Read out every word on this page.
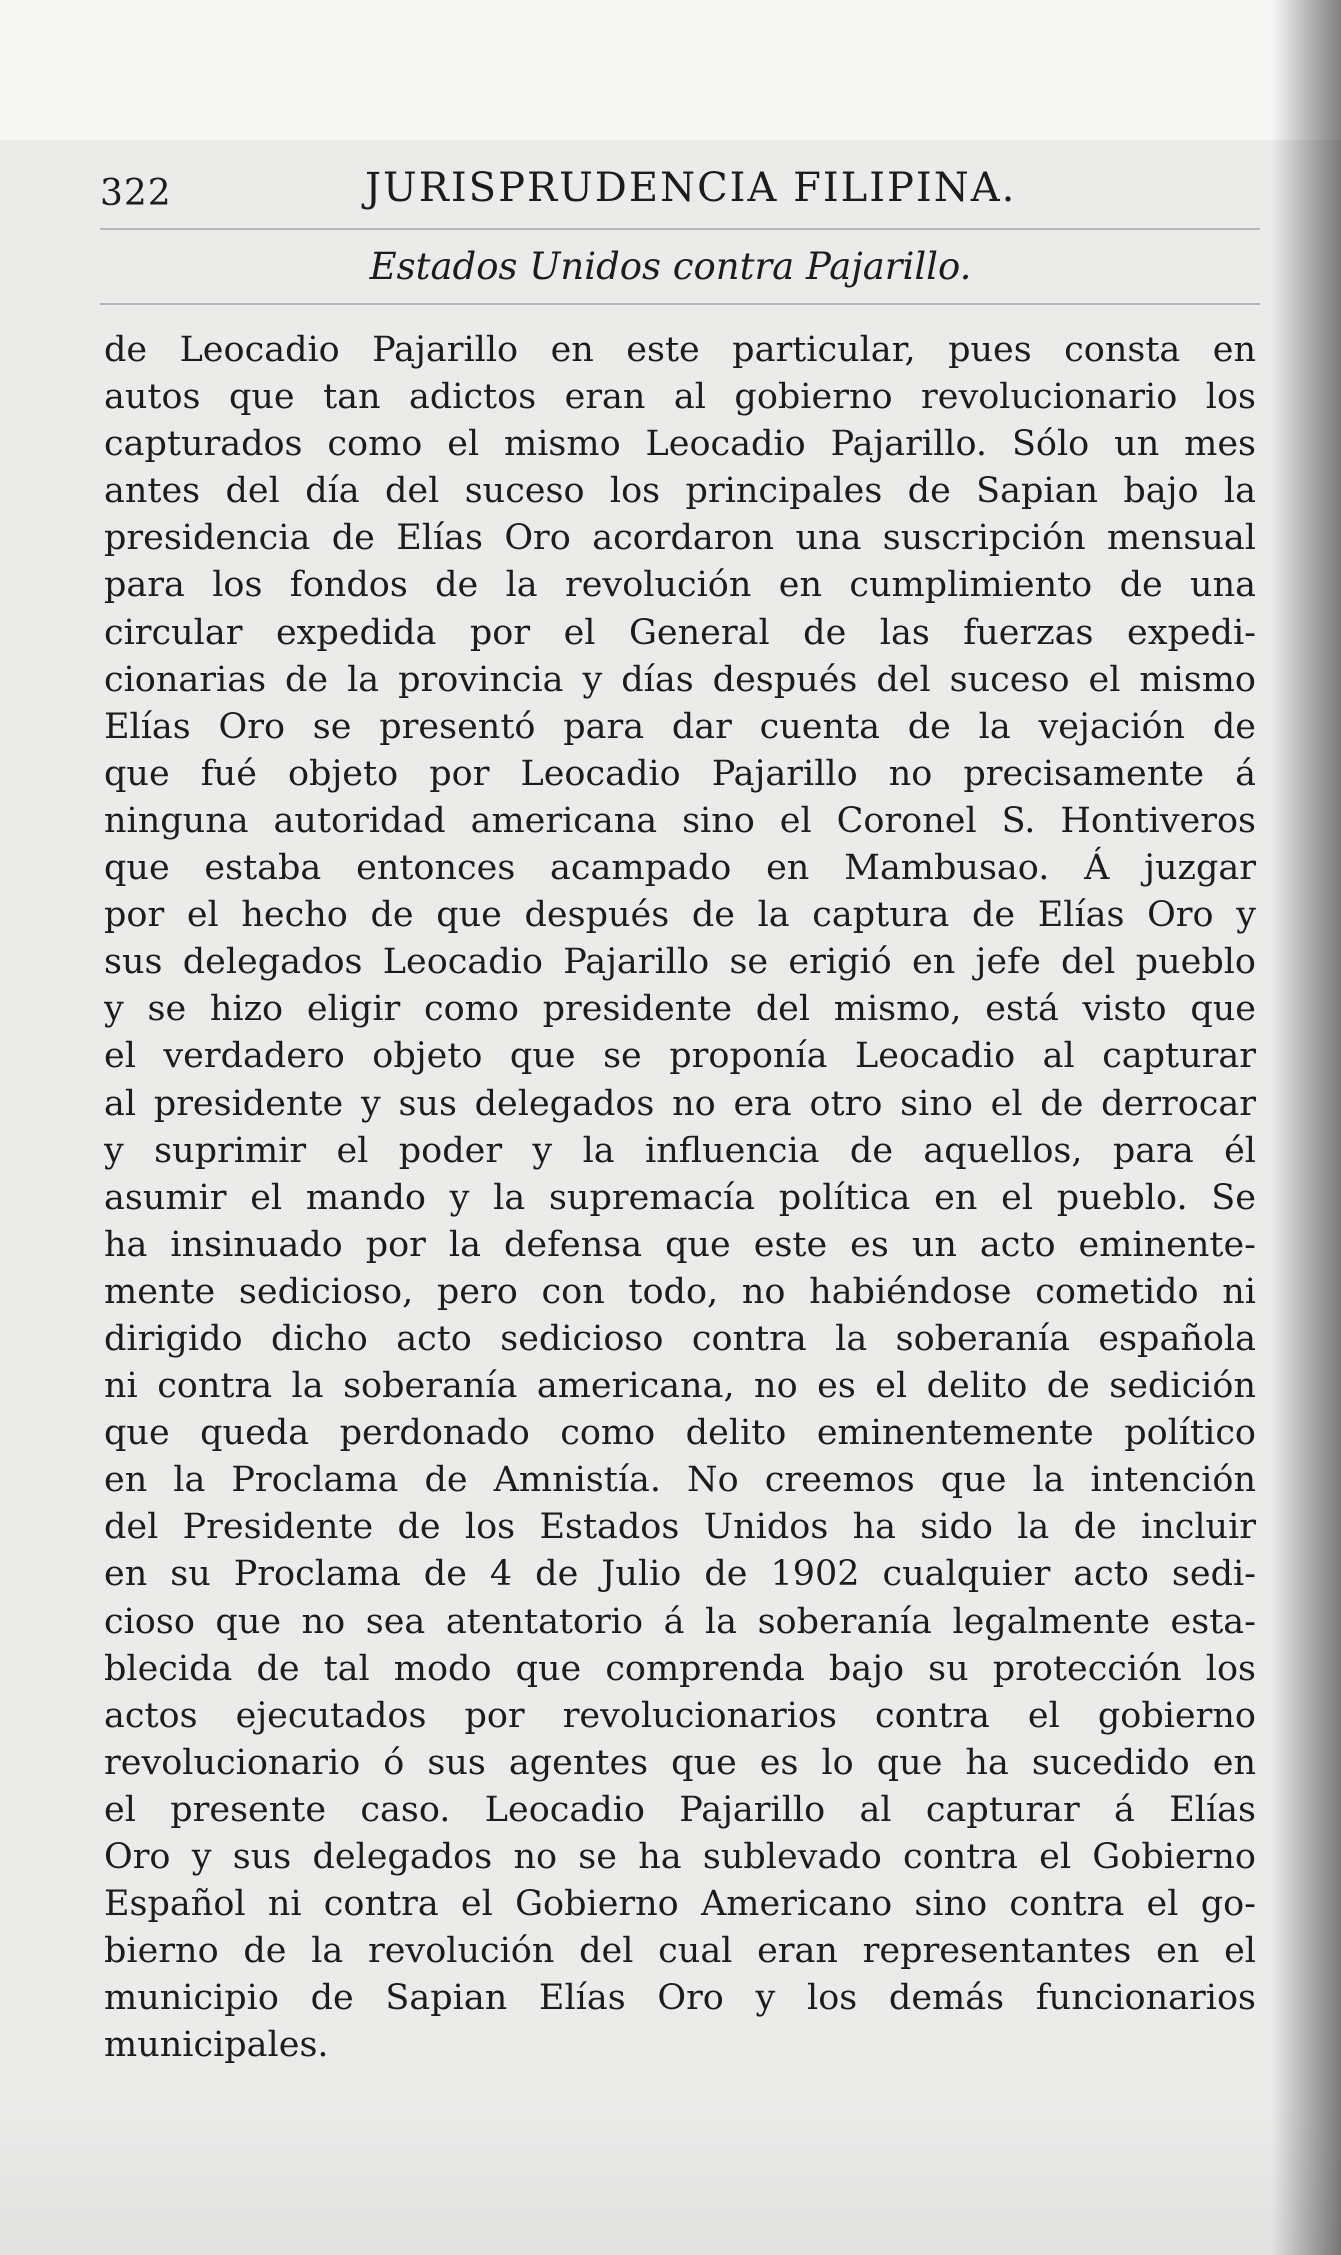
322	JURISPRUDENCIA FILIPINA.
Estados Unidos contra Pajarillo.
de Leocadio Pajarillo en este particular, pues consta en
autos que tan adictos eran al gobierno revolucionario los
capturados como el mismo Leocadio Pajarillo. Sólo un mes
antes del día del suceso los principales de Sapian bajo la
presidencia de Elías Oro acordaron una suscripción mensual
para los fondos de la revolución en cumplimiento de una
circular expedida por el General de las fuerzas expedi-
cionarias de la provincia y días después del suceso el mismo
Elías Oro se presentó para dar cuenta de la vejación de
que fué objeto por Leocadio Pajarillo no precisamente á
ninguna autoridad americana sino el Coronel S. Hontiveros
que estaba entonces acampado en Mambusao. Á juzgar
por el hecho de que después de la captura de Elías Oro y
sus delegados Leocadio Pajarillo se erigió en jefe del pueblo
y se hizo eligir como presidente del mismo, está visto que
el verdadero objeto que se proponía Leocadio al capturar
al presidente y sus delegados no era otro sino el de derrocar
y suprimir el poder y la influencia de aquellos, para él
asumir el mando y la supremacía política en el pueblo. Se
ha insinuado por la defensa que este es un acto eminente-
mente sedicioso, pero con todo, no habiéndose cometido ni
dirigido dicho acto sedicioso contra la soberanía española
ni contra la soberanía americana, no es el delito de sedición
que queda perdonado como delito eminentemente político
en la Proclama de Amnistía. No creemos que la intención
del Presidente de los Estados Unidos ha sido la de incluir
en su Proclama de 4 de Julio de 1902 cualquier acto sedi-
cioso que no sea atentatorio á la soberanía legalmente esta-
blecida de tal modo que comprenda bajo su protección los
actos ejecutados por revolucionarios contra el gobierno
revolucionario ó sus agentes que es lo que ha sucedido en
el presente caso. Leocadio Pajarillo al capturar á Elías
Oro y sus delegados no se ha sublevado contra el Gobierno
Español ni contra el Gobierno Americano sino contra el go-
bierno de la revolución del cual eran representantes en el
municipio de Sapian Elías Oro y los demás funcionarios
municipales.
